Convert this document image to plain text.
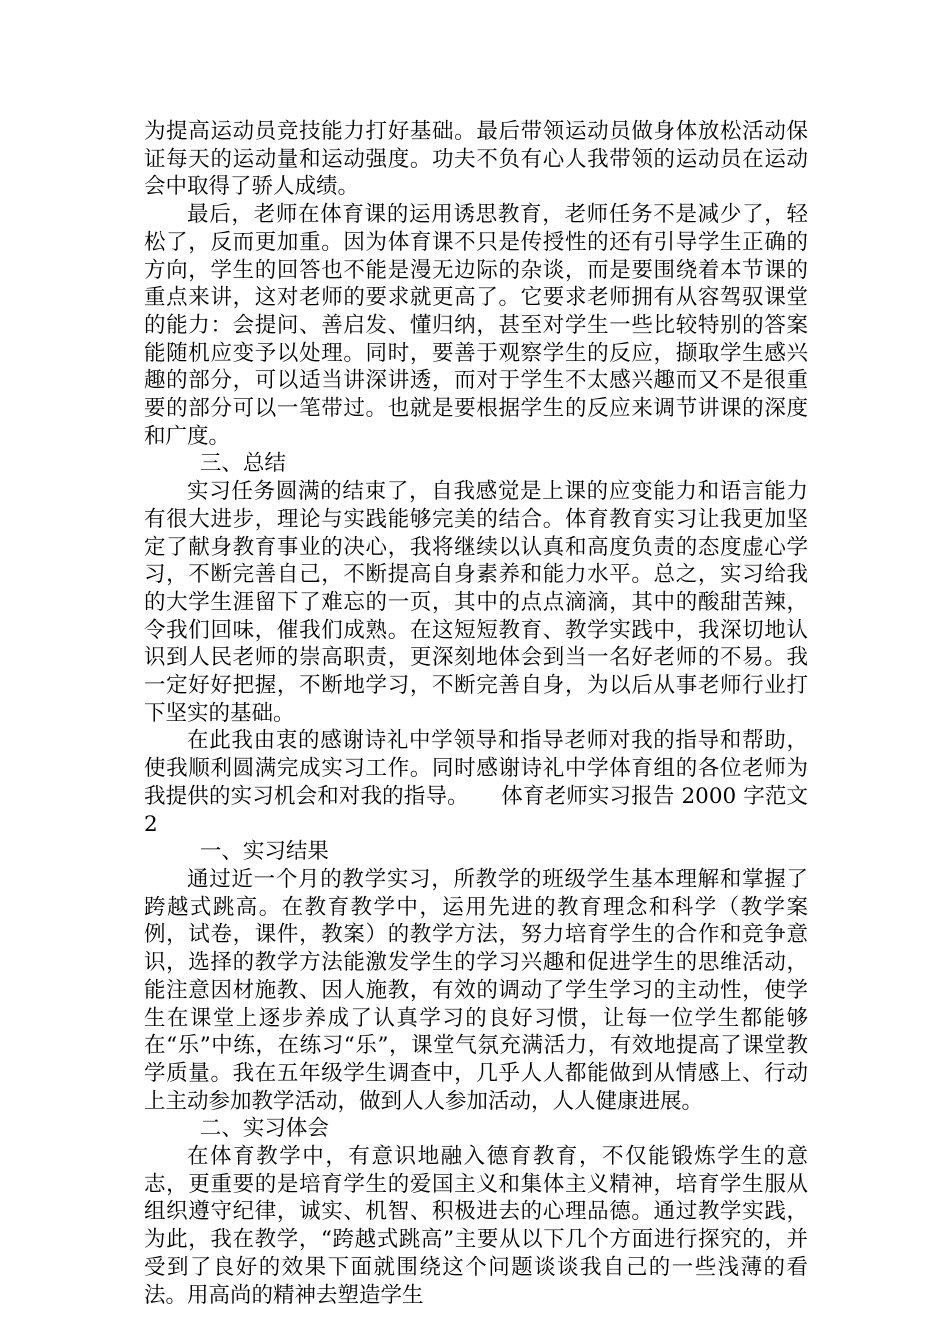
为提高运动员竞技能力打好基础。最后带领运动员做身体放松活动保证每天的运动量和运动强度。功夫不负有心人我带领的运动员在运动会中取得了骄人成绩。

最后，老师在体育课的运用诱思教育，老师任务不是减少了，轻松了，反而更加重。因为体育课不只是传授性的还有引导学生正确的方向，学生的回答也不能是漫无边际的杂谈，而是要围绕着本节课的重点来讲，这对老师的要求就更高了。它要求老师拥有从容驾驭课堂的能力：会提问、善启发、懂归纳，甚至对学生一些比较特别的答案能随机应变予以处理。同时，要善于观察学生的反应，撷取学生感兴趣的部分，可以适当讲深讲透，而对于学生不太感兴趣而又不是很重要的部分可以一笔带过。也就是要根据学生的反应来调节讲课的深度和广度。

三、总结

实习任务圆满的结束了，自我感觉是上课的应变能力和语言能力有很大进步，理论与实践能够完美的结合。体育教育实习让我更加坚定了献身教育事业的决心，我将继续以认真和高度负责的态度虚心学习，不断完善自己，不断提高自身素养和能力水平。总之，实习给我的大学生涯留下了难忘的一页，其中的点点滴滴，其中的酸甜苦辣，令我们回味，催我们成熟。在这短短教育、教学实践中，我深切地认识到人民老师的崇高职责，更深刻地体会到当一名好老师的不易。我一定好好把握，不断地学习，不断完善自身，为以后从事老师行业打下坚实的基础。

在此我由衷的感谢诗礼中学领导和指导老师对我的指导和帮助，使我顺利圆满完成实习工作。同时感谢诗礼中学体育组的各位老师为我提供的实习机会和对我的指导。　　体育老师实习报告 2000 字范文 2

一、实习结果

通过近一个月的教学实习，所教学的班级学生基本理解和掌握了跨越式跳高。在教育教学中，运用先进的教育理念和科学（教学案例，试卷，课件，教案）的教学方法，努力培育学生的合作和竞争意识，选择的教学方法能激发学生的学习兴趣和促进学生的思维活动，能注意因材施教、因人施教，有效的调动了学生学习的主动性，使学生在课堂上逐步养成了认真学习的良好习惯，让每一位学生都能够在“乐”中练，在练习“乐”，课堂气氛充满活力，有效地提高了课堂教学质量。我在五年级学生调查中，几乎人人都能做到从情感上、行动上主动参加教学活动，做到人人参加活动，人人健康进展。

二、实习体会

在体育教学中，有意识地融入德育教育，不仅能锻炼学生的意志，更重要的是培育学生的爱国主义和集体主义精神，培育学生服从组织遵守纪律，诚实、机智、积极进去的心理品德。通过教学实践，为此，我在教学，“跨越式跳高”主要从以下几个方面进行探究的，并受到了良好的效果下面就围绕这个问题谈谈我自己的一些浅薄的看法。用高尚的精神去塑造学生
